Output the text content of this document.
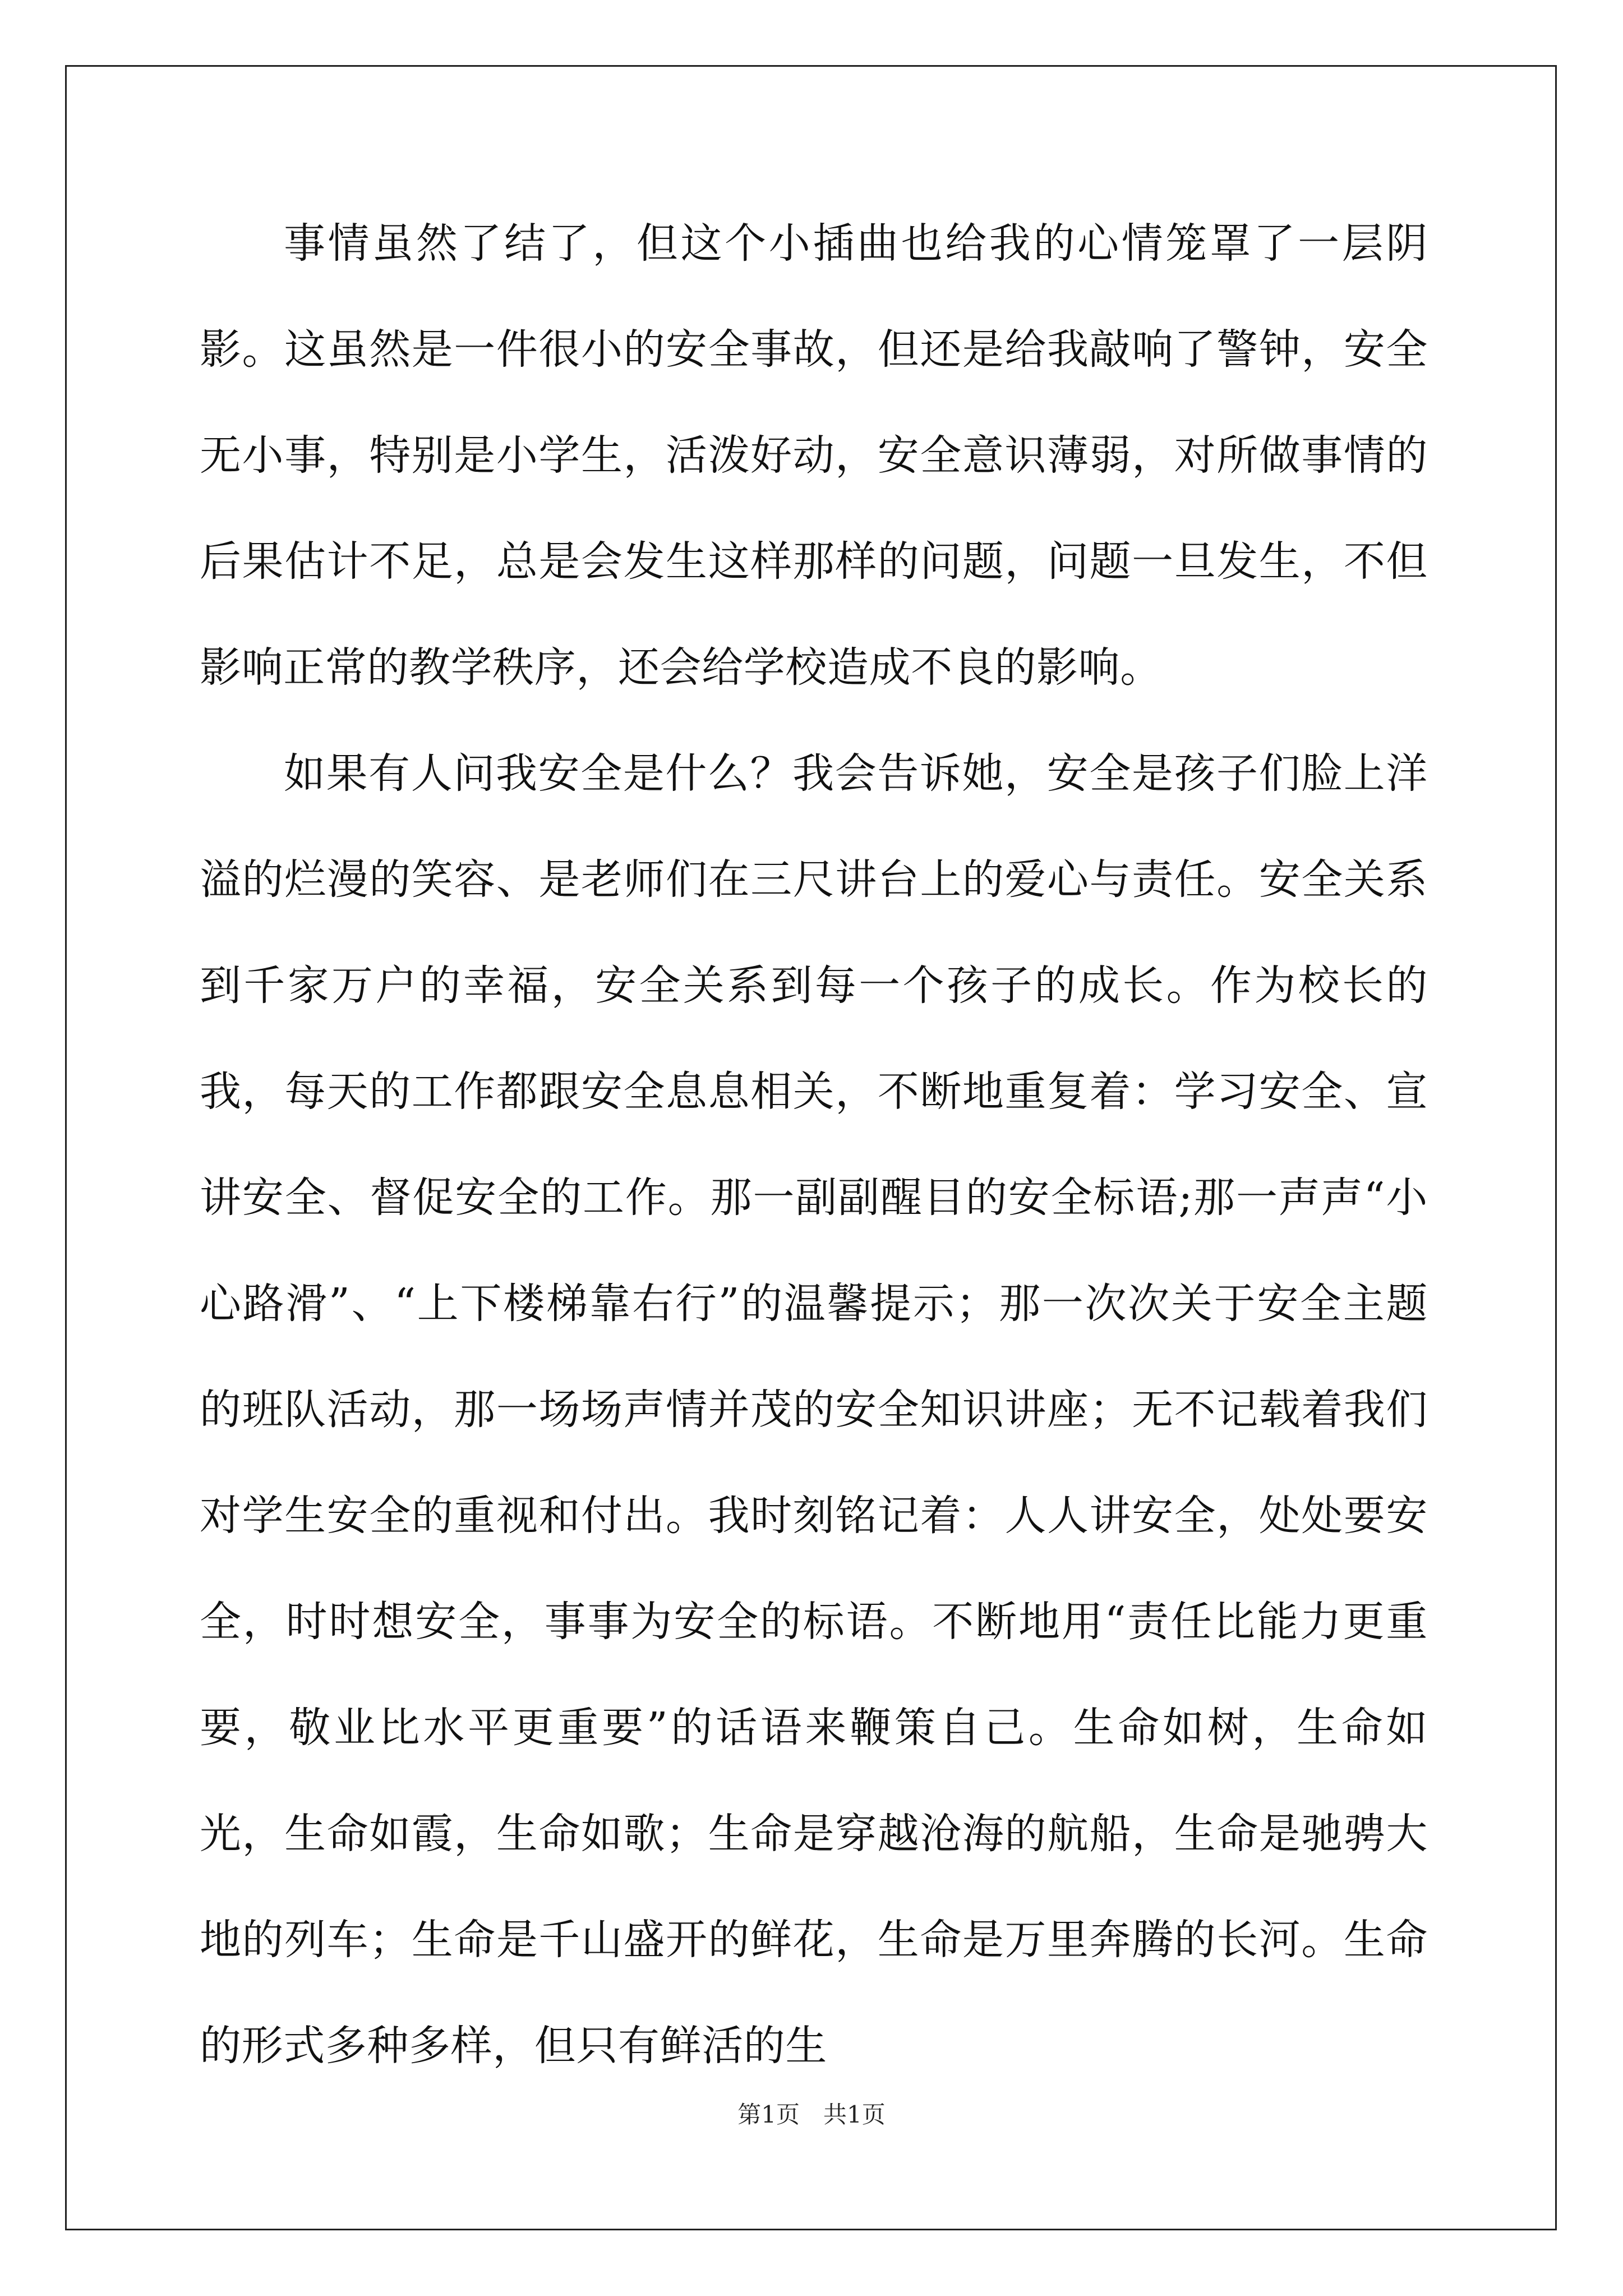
事情虽然了结了，但这个小插曲也给我的心情笼罩了一层阴影。这虽然是一件很小的安全事故，但还是给我敲响了警钟，安全无小事，特别是小学生，活泼好动，安全意识薄弱，对所做事情的后果估计不足，总是会发生这样那样的问题，问题一旦发生，不但影响正常的教学秩序，还会给学校造成不良的影响。

如果有人问我安全是什么？我会告诉她，安全是孩子们脸上洋溢的烂漫的笑容、是老师们在三尺讲台上的爱心与责任。安全关系到千家万户的幸福，安全关系到每一个孩子的成长。作为校长的我，每天的工作都跟安全息息相关，不断地重复着：学习安全、宣讲安全、督促安全的工作。那一副副醒目的安全标语;那一声声“小心路滑”、“上下楼梯靠右行”的温馨提示；那一次次关于安全主题的班队活动，那一场场声情并茂的安全知识讲座；无不记载着我们对学生安全的重视和付出。我时刻铭记着：人人讲安全，处处要安全，时时想安全，事事为安全的标语。不断地用“责任比能力更重要，敬业比水平更重要”的话语来鞭策自己。生命如树，生命如光，生命如霞，生命如歌；生命是穿越沧海的航船，生命是驰骋大地的列车；生命是千山盛开的鲜花，生命是万里奔腾的长河。生命的形式多种多样，但只有鲜活的生

第1页　共1页
